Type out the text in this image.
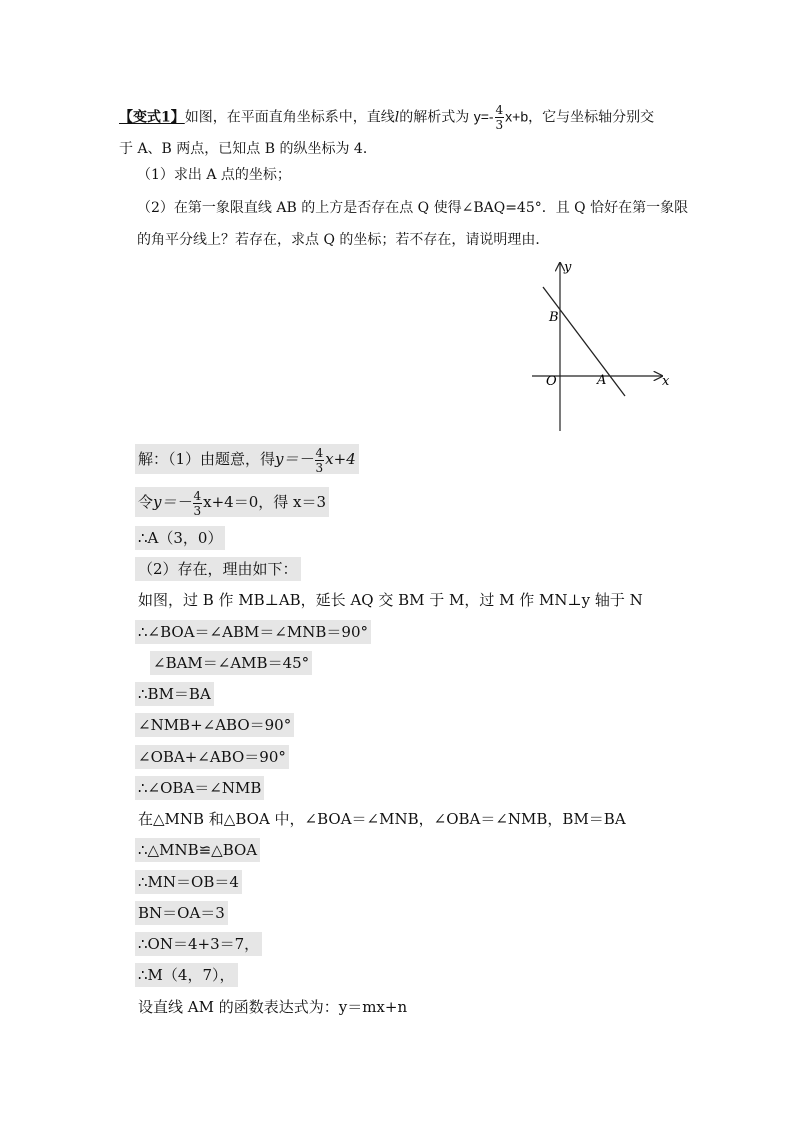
【变式1】如图，在平面直角坐标系中，直线l的解析式为 $y=- \frac{4}{3} x+b$，它与坐标轴分别交
于 A、B 两点，已知点 B 的纵坐标为 4．
（1）求出 A 点的坐标；
（2）在第一象限直线 AB 的上方是否存在点 Q 使得∠BAQ=45°．且 Q 恰好在第一象限
的角平分线上？若存在，求点 Q 的坐标；若不存在，请说明理由．
y
x
O	A
B
解：（1）由题意，得$y=- \frac{4}{3} x+4$
令$y=- \frac{4}{3} x+4=0$，得 x＝3
∴A（3，0）
（2）存在，理由如下：
如图，过 B 作 MB⊥AB，延长 AQ 交 BM 于 M，过 M 作 MN⊥y 轴于 N
∴∠BOA＝∠ABM＝∠MNB＝90°
∠BAM＝∠AMB＝45°
∴BM＝BA
∠NMB+∠ABO＝90°
∠OBA+∠ABO＝90°
∴∠OBA＝∠NMB
在△MNB 和△BOA 中，∠BOA＝∠MNB，∠OBA＝∠NMB，BM＝BA
∴△MNB≌△BOA
∴MN＝OB＝4
BN＝OA＝3
∴ON＝4+3＝7，
∴M（4，7），
设直线 AM 的函数表达式为：y＝mx+n
